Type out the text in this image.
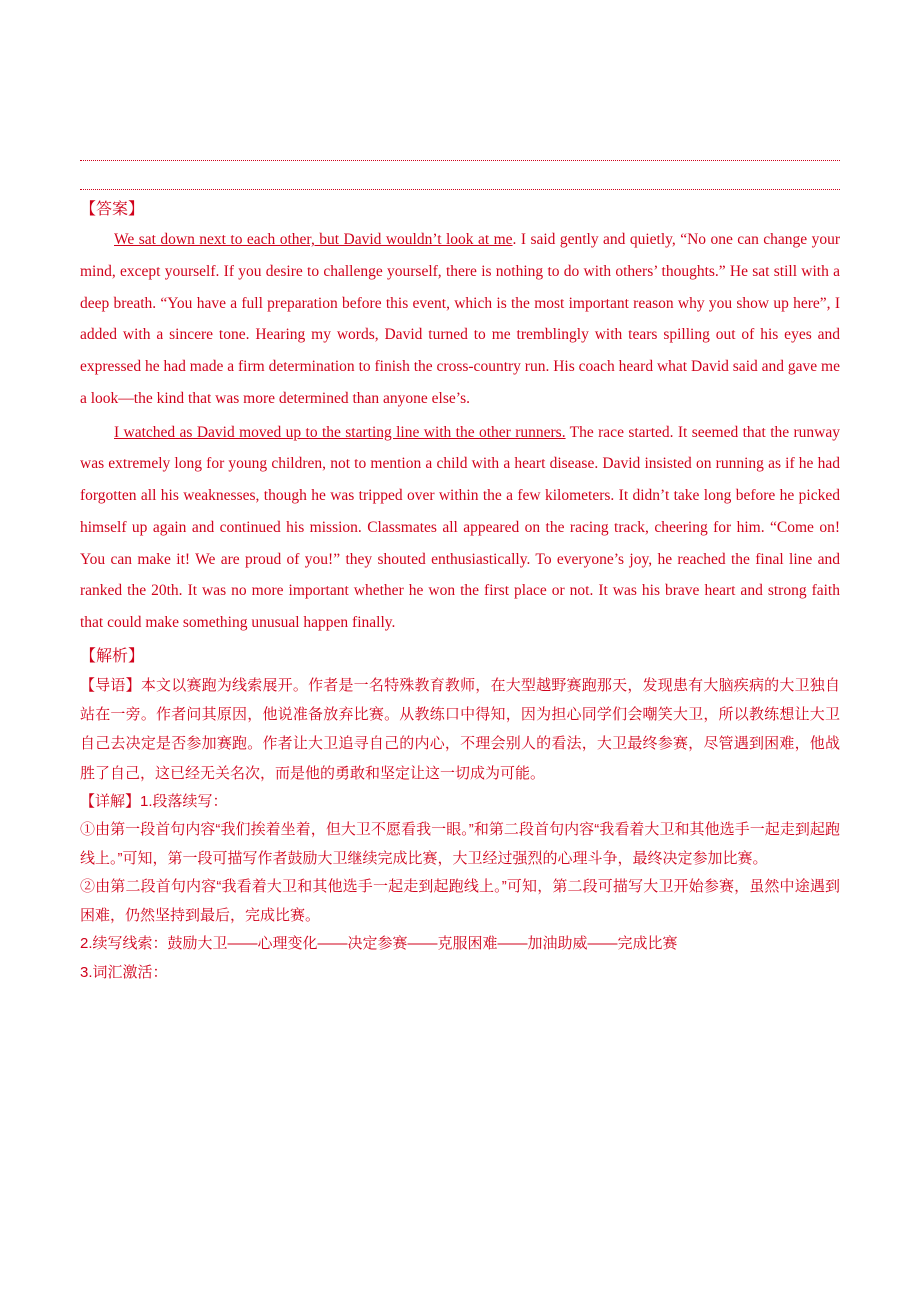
【答案】

We sat down next to each other, but David wouldn’t look at me. I said gently and quietly, “No one can change your mind, except yourself. If you desire to challenge yourself, there is nothing to do with others’ thoughts.” He sat still with a deep breath. “You have a full preparation before this event, which is the most important reason why you show up here”, I added with a sincere tone. Hearing my words, David turned to me tremblingly with tears spilling out of his eyes and expressed he had made a firm determination to finish the cross-country run. His coach heard what David said and gave me a look—the kind that was more determined than anyone else’s.

I watched as David moved up to the starting line with the other runners. The race started. It seemed that the runway was extremely long for young children, not to mention a child with a heart disease. David insisted on running as if he had forgotten all his weaknesses, though he was tripped over within the a few kilometers. It didn’t take long before he picked himself up again and continued his mission. Classmates all appeared on the racing track, cheering for him. “Come on! You can make it! We are proud of you!” they shouted enthusiastically. To everyone’s joy, he reached the final line and ranked the 20th. It was no more important whether he won the first place or not. It was his brave heart and strong faith that could make something unusual happen finally.

【解析】

【导语】本文以赛跑为线索展开。作者是一名特殊教育教师，在大型越野赛跑那天，发现患有大脑疾病的大卫独自站在一旁。作者问其原因，他说准备放弃比赛。从教练口中得知，因为担心同学们会嘲笑大卫，所以教练想让大卫自己去决定是否参加赛跑。作者让大卫追寻自己的内心，不理会别人的看法，大卫最终参赛，尽管遇到困难，他战胜了自己，这已经无关名次，而是他的勇敢和坚定让这一切成为可能。

【详解】1.段落续写：

①由第一段首句内容“我们挨着坐着，但大卫不愿看我一眼。”和第二段首句内容“我看着大卫和其他选手一起走到起跑线上。”可知，第一段可描写作者鼓励大卫继续完成比赛，大卫经过强烈的心理斗争，最终决定参加比赛。

②由第二段首句内容“我看着大卫和其他选手一起走到起跑线上。”可知，第二段可描写大卫开始参赛，虽然中途遇到困难，仍然坚持到最后，完成比赛。

2.续写线索：鼓励大卫——心理变化——决定参赛——克服困难——加油助威——完成比赛

3.词汇激活：
